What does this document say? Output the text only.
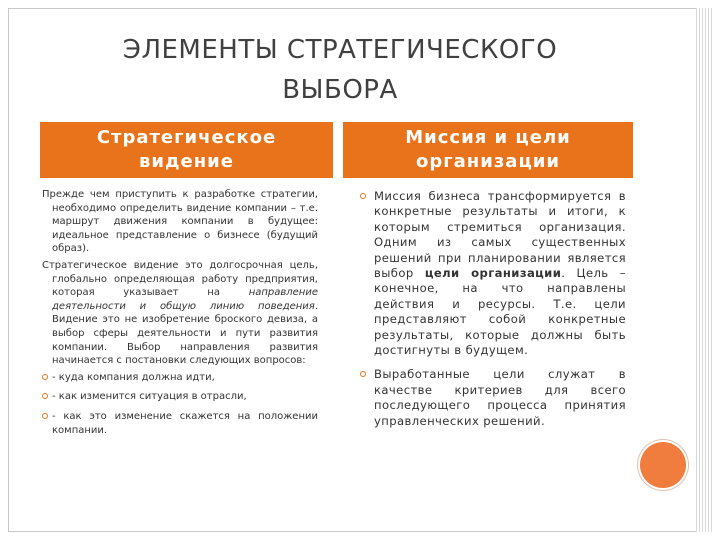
ЭЛЕМЕНТЫ СТРАТЕГИЧЕСКОГО
ВЫБОРА
Стратегическое
видение
Миссия и цели
организации

Прежде чем приступить к разработке стратегии, необходимо определить видение компании – т.е. маршрут движения компании в будущее: идеальное представление о бизнесе (будущий образ).

Стратегическое видение это долгосрочная цель, глобально определяющая работу предприятия, которая указывает на направление деятельности и общую линию поведения. Видение это не изобретение броского девиза, а выбор сферы деятельности и пути развития компании. Выбор направления развития начинается с постановки следующих вопросов:

- куда компания должна идти,
- как изменится ситуация в отрасли,
- как это изменение скажется на положении компании.
Миссия бизнеса трансформируется в конкретные результаты и итоги, к которым стремиться организация. Одним из самых существенных решений при планировании является выбор цели организации. Цель – конечное, на что направлены действия и ресурсы. Т.е. цели представляют собой конкретные результаты, которые должны быть достигнуты в будущем.
Выработанные цели служат в качестве критериев для всего последующего процесса принятия управленческих решений.
